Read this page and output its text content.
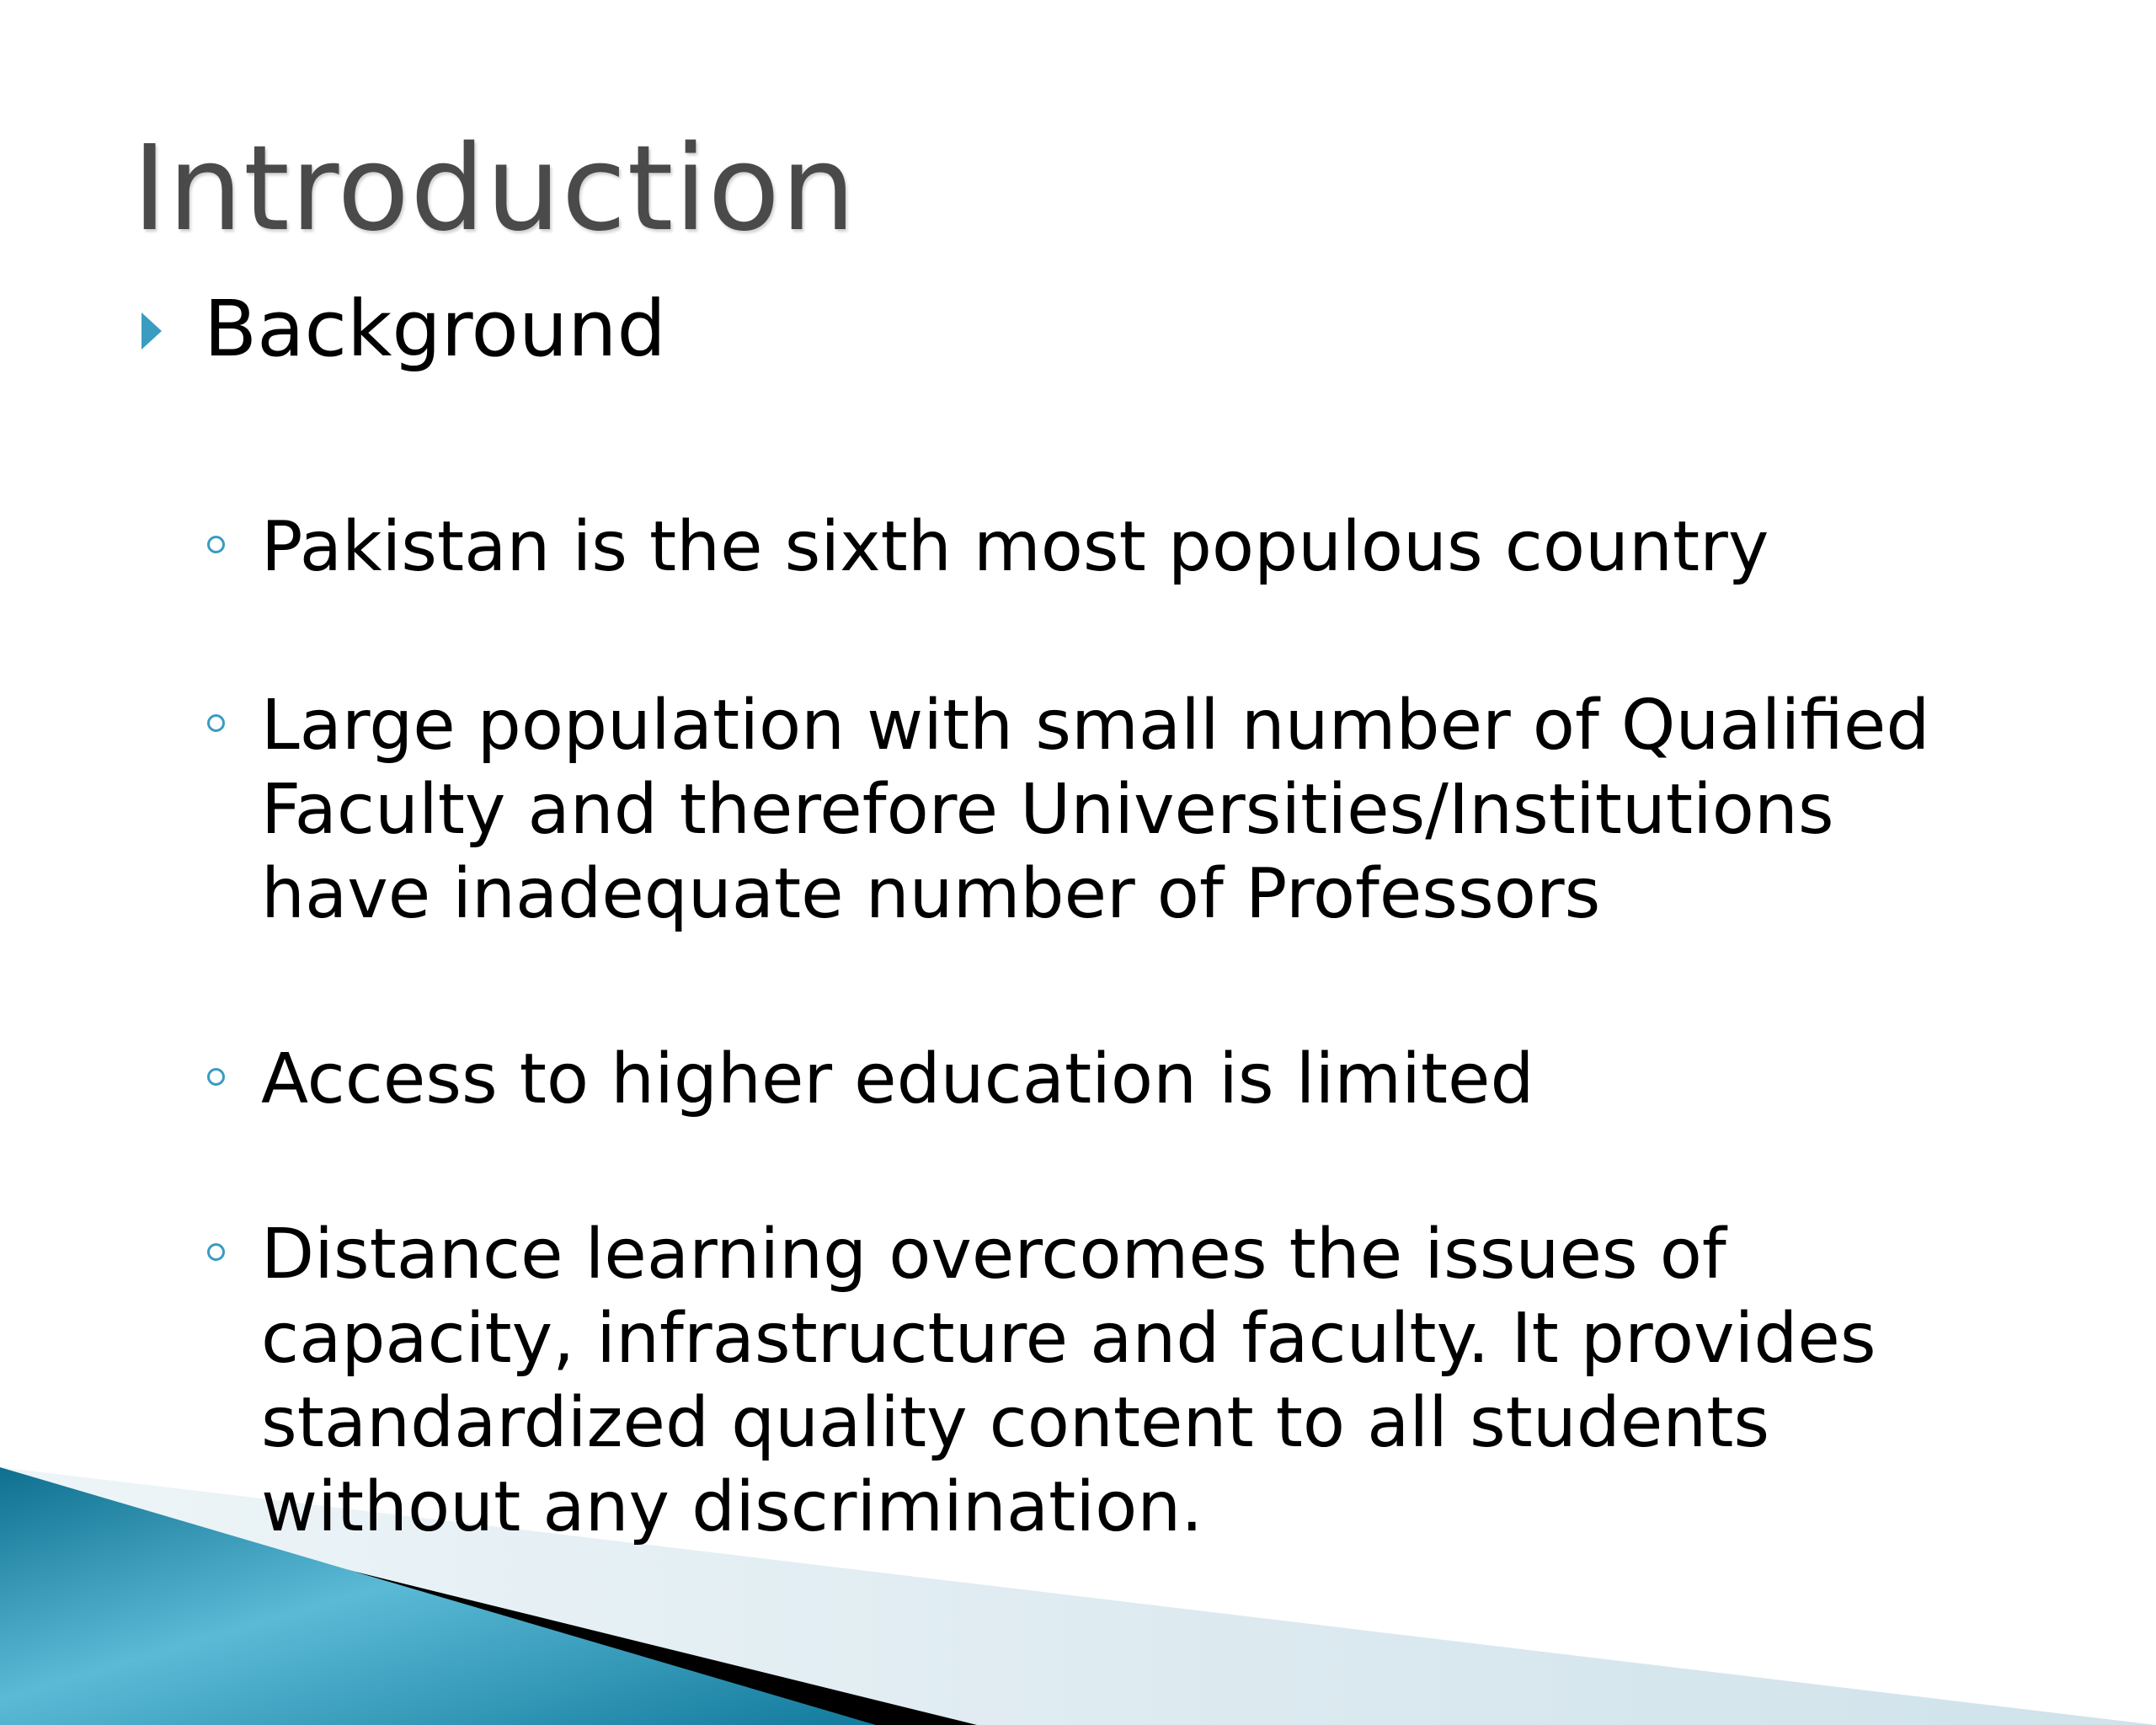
Introduction
Background
Pakistan is the sixth most populous country
Large population with small number of Qualified Faculty and therefore Universities/Institutions have inadequate number of Professors
Access to higher education is limited
Distance learning overcomes the issues of capacity, infrastructure and faculty. It provides standardized quality content to all students without any discrimination.
